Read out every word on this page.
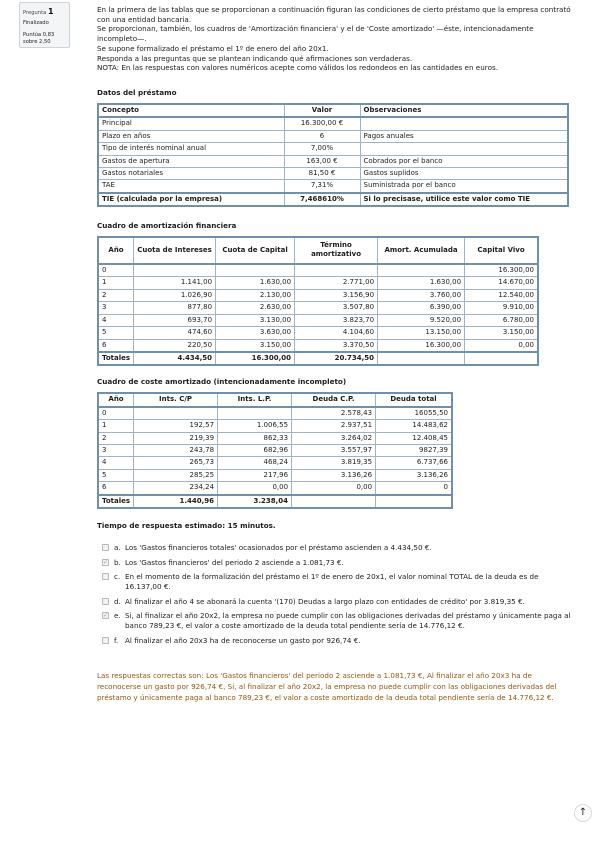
Pregunta 1
Finalizado
Puntúa 0,83 sobre 2,50

En la primera de las tablas que se proporcionan a continuación figuran las condiciones de cierto préstamo que la empresa contrató con una entidad bancaria.

Se proporcionan, también, los cuadros de 'Amortización financiera' y el de 'Coste amortizado' —éste, intencionadamente incompleto—.

Se supone formalizado el préstamo el 1º de enero del año 20x1.

Responda a las preguntas que se plantean indicando qué afirmaciones son verdaderas.

NOTA: En las respuestas con valores numéricos acepte como válidos los redondeos en las cantidades en euros.

Datos del préstamo
Concepto	Valor	Observaciones
Principal	16.300,00 €	
Plazo en años	6	Pagos anuales
Tipo de interés nominal anual	7,00%	
Gastos de apertura	163,00 €	Cobrados por el banco
Gastos notariales	81,50 €	Gastos suplidos
TAE	7,31%	Suministrada por el banco
TIE (calculada por la empresa)	7,468610%	Si lo precisase, utilice este valor como TIE
Cuadro de amortización financiera
Año	Cuota de Intereses	Cuota de Capital	Término amortizativo	Amort. Acumulada	Capital Vivo
0					16.300,00
1	1.141,00	1.630,00	2.771,00	1.630,00	14.670,00
2	1.026,90	2.130,00	3.156,90	3.760,00	12.540,00
3	877,80	2.630,00	3.507,80	6.390,00	9.910,00
4	693,70	3.130,00	3.823,70	9.520,00	6.780,00
5	474,60	3.630,00	4.104,60	13.150,00	3.150,00
6	220,50	3.150,00	3.370,50	16.300,00	0,00
Totales	4.434,50	16.300,00	20.734,50		
Cuadro de coste amortizado (intencionadamente incompleto)
Año	Ints. C/P	Ints. L.P.	Deuda C.P.	Deuda total
0			2.578,43	16055,50
1	192,57	1.006,55	2.937,51	14.483,62
2	219,39	862,33	3.264,02	12.408,45
3	243,78	682,96	3.557,97	9827,39
4	265,73	468,24	3.819,35	6.737,66
5	285,25	217,96	3.136,26	3.136,26
6	234,24	0,00	0,00	0
Totales	1.440,96	3.238,04		
Tiempo de respuesta estimado: 15 minutos.
a. Los 'Gastos financieros totales' ocasionados por el préstamo ascienden a 4.434,50 €.
✓ b. Los 'Gastos financieros' del periodo 2 asciende a 1.081,73 €.
c. En el momento de la formalización del préstamo el 1º de enero de 20x1, el valor nominal TOTAL de la deuda es de 16.137,00 €.
d. Al finalizar el año 4 se abonará la cuenta '(170) Deudas a largo plazo con entidades de crédito' por 3.819,35 €.
✓ e. Si, al finalizar el año 20x2, la empresa no puede cumplir con las obligaciones derivadas del préstamo y únicamente paga al banco 789,23 €, el valor a coste amortizado de la deuda total pendiente sería de 14.776,12 €.
f. Al finalizar el año 20x3 ha de reconocerse un gasto por 926,74 €.
Las respuestas correctas son: Los 'Gastos financieros' del periodo 2 asciende a 1.081,73 €, Al finalizar el año 20x3 ha de reconocerse un gasto por 926,74 €, Si, al finalizar el año 20x2, la empresa no puede cumplir con las obligaciones derivadas del préstamo y únicamente paga al banco 789,23 €, el valor a coste amortizado de la deuda total pendiente sería de 14.776,12 €.
↑
